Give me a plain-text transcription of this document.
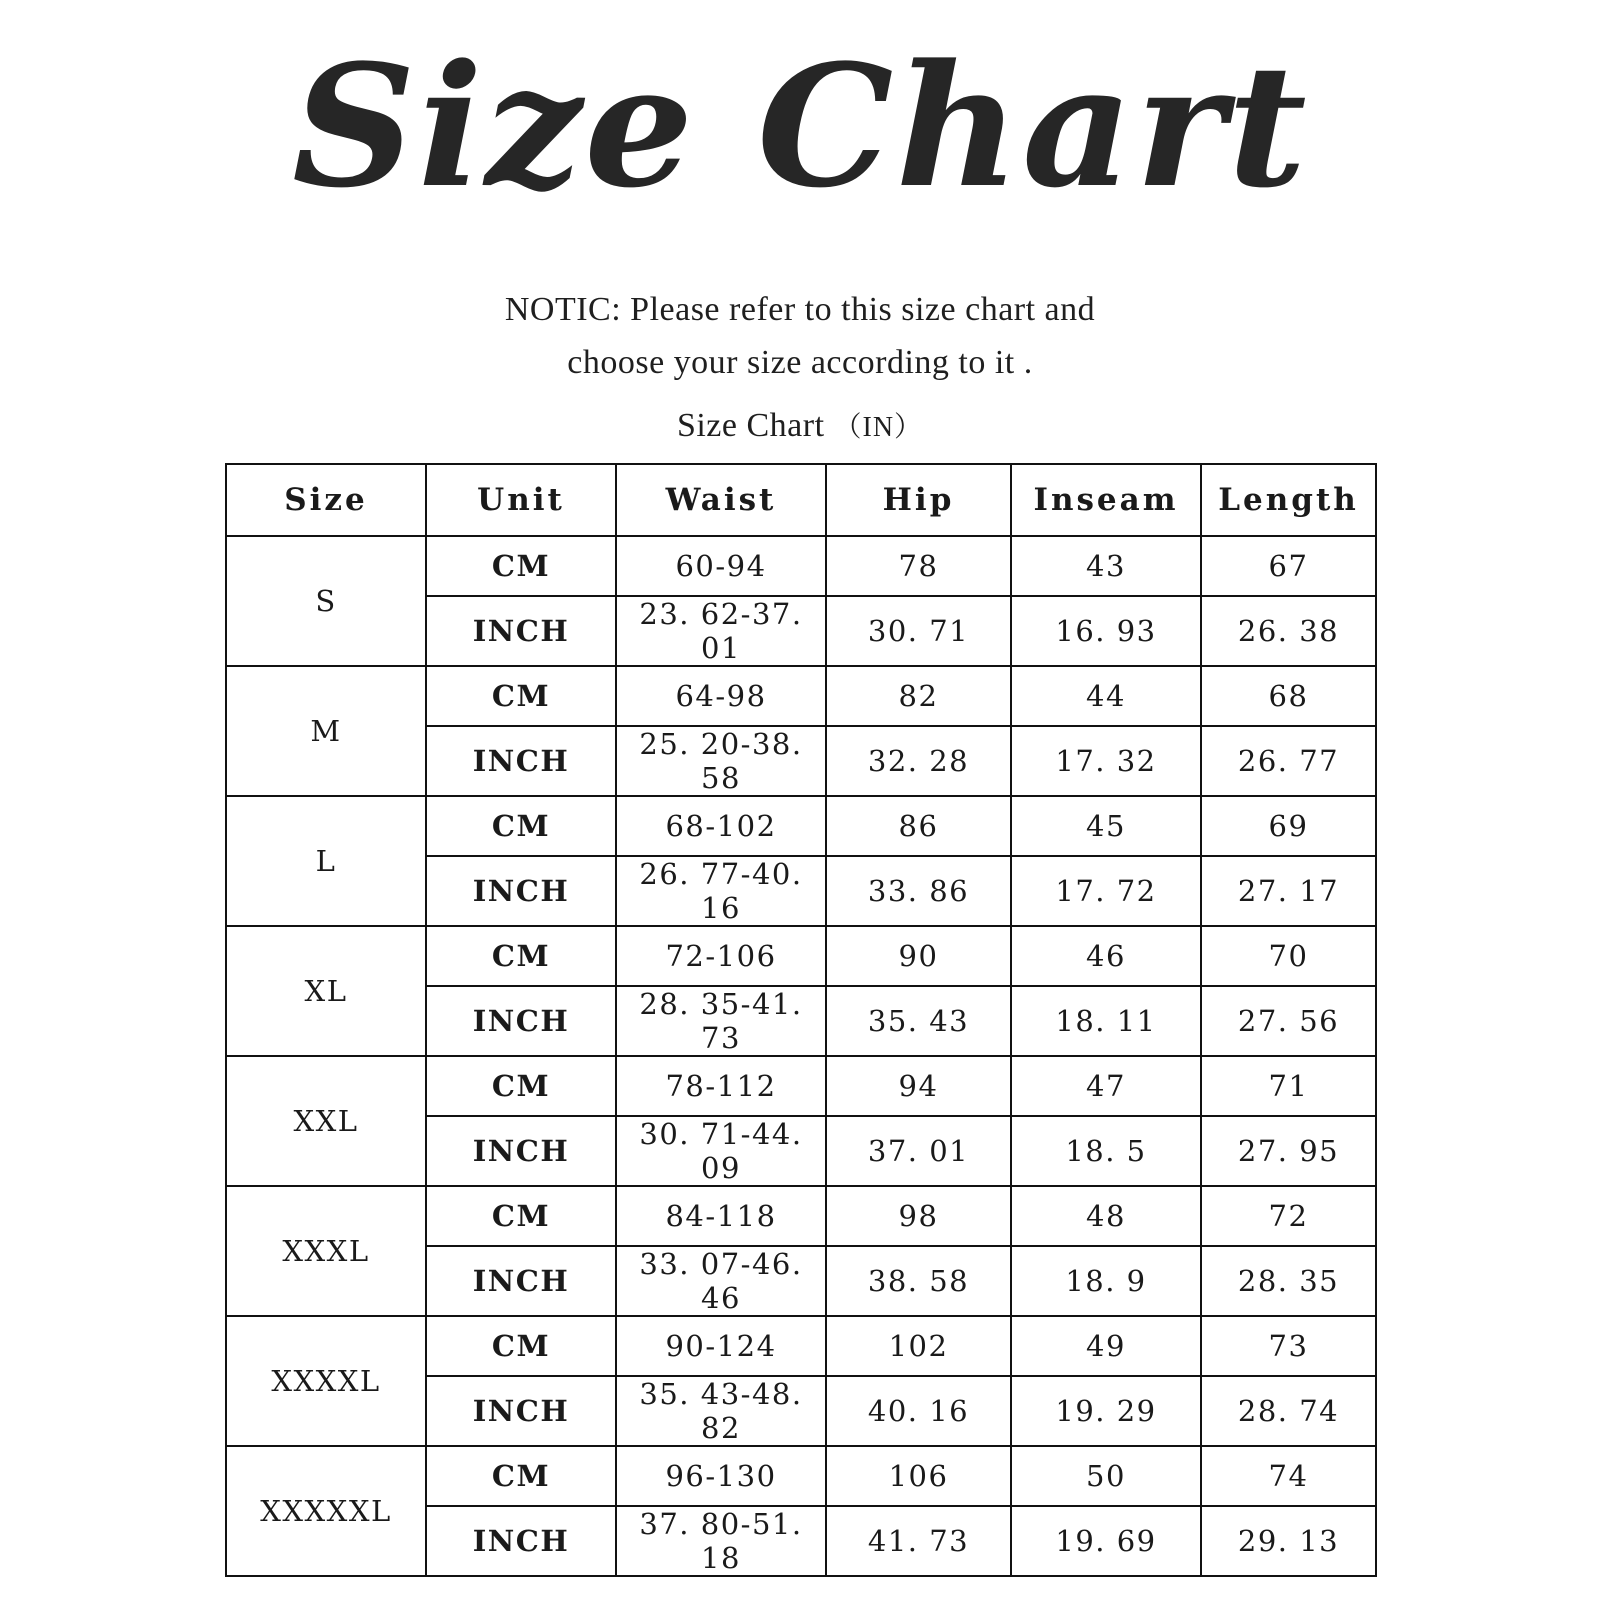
Size Chart
NOTIC: Please refer to this size chart and
choose your size according to it .
Size Chart （IN）
Size	Unit	Waist	Hip	Inseam	Length
S	CM	60-94	78	43	67
	INCH	23. 62-37. 01	30. 71	16. 93	26. 38
M	CM	64-98	82	44	68
	INCH	25. 20-38. 58	32. 28	17. 32	26. 77
L	CM	68-102	86	45	69
	INCH	26. 77-40. 16	33. 86	17. 72	27. 17
XL	CM	72-106	90	46	70
	INCH	28. 35-41. 73	35. 43	18. 11	27. 56
XXL	CM	78-112	94	47	71
	INCH	30. 71-44. 09	37. 01	18. 5	27. 95
XXXL	CM	84-118	98	48	72
	INCH	33. 07-46. 46	38. 58	18. 9	28. 35
XXXXL	CM	90-124	102	49	73
	INCH	35. 43-48. 82	40. 16	19. 29	28. 74
XXXXXL	CM	96-130	106	50	74
	INCH	37. 80-51. 18	41. 73	19. 69	29. 13
